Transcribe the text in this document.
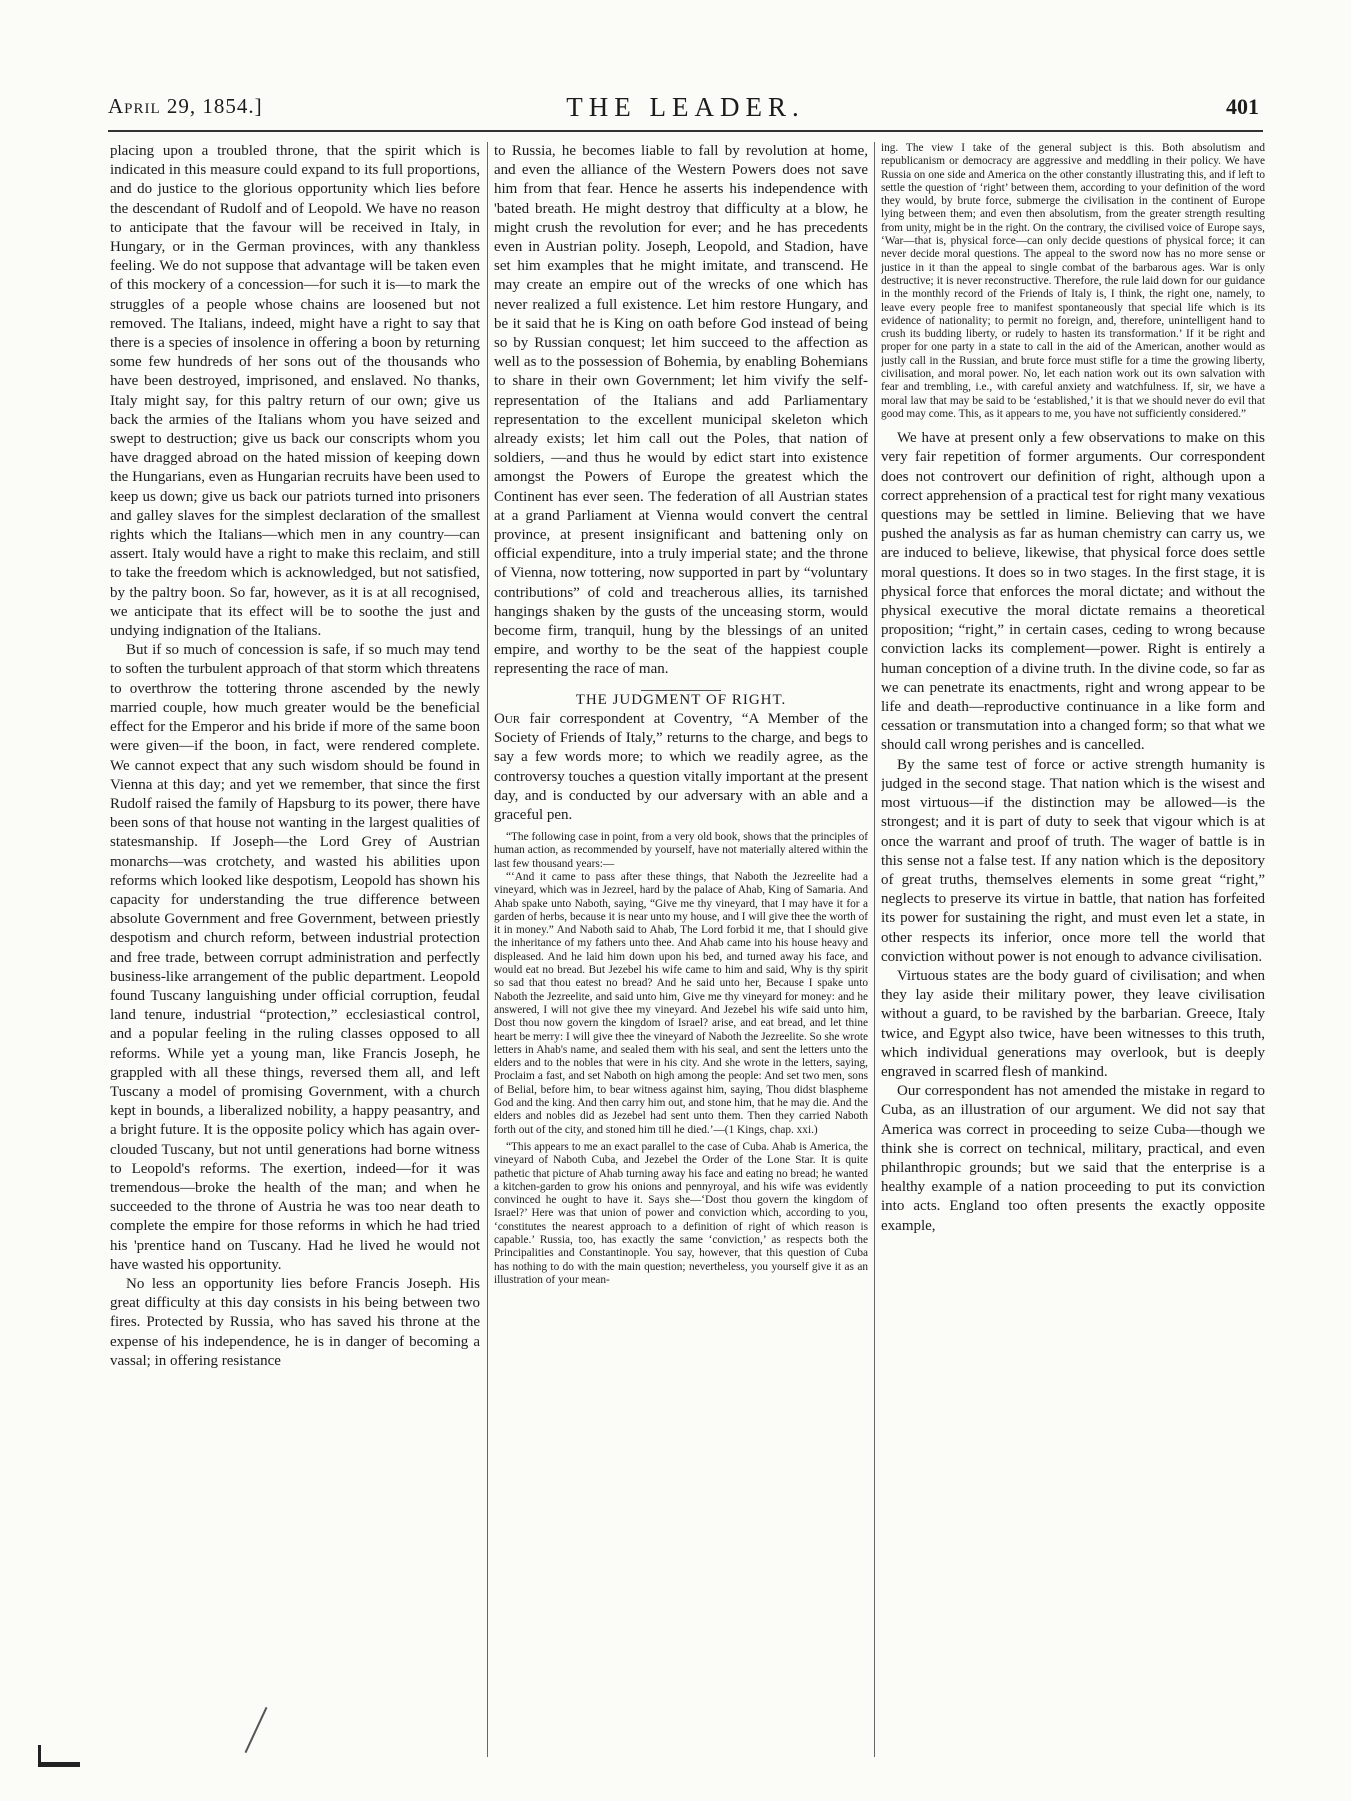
April 29, 1854.]	THE LEADER.	401

placing upon a troubled throne, that the spirit which is indicated in this measure could expand to its full proportions, and do justice to the glorious opportunity which lies before the descendant of Rudolf and of Leopold. We have no reason to anticipate that the favour will be received in Italy, in Hungary, or in the German provinces, with any thankless feeling. We do not suppose that advantage will be taken even of this mockery of a concession—for such it is—to mark the struggles of a people whose chains are loosened but not removed. The Italians, indeed, might have a right to say that there is a species of insolence in offering a boon by returning some few hundreds of her sons out of the thousands who have been destroyed, imprisoned, and enslaved. No thanks, Italy might say, for this paltry return of our own; give us back the armies of the Italians whom you have seized and swept to destruction; give us back our conscripts whom you have dragged abroad on the hated mission of keeping down the Hungarians, even as Hungarian recruits have been used to keep us down; give us back our patriots turned into prisoners and galley slaves for the simplest declaration of the smallest rights which the Italians—which men in any country—can assert. Italy would have a right to make this reclaim, and still to take the freedom which is acknowledged, but not satisfied, by the paltry boon. So far, however, as it is at all recognised, we anticipate that its effect will be to soothe the just and undying indignation of the Italians.

But if so much of concession is safe, if so much may tend to soften the turbulent approach of that storm which threatens to overthrow the tottering throne ascended by the newly married couple, how much greater would be the beneficial effect for the Emperor and his bride if more of the same boon were given—if the boon, in fact, were rendered complete. We cannot expect that any such wisdom should be found in Vienna at this day; and yet we remember, that since the first Rudolf raised the family of Hapsburg to its power, there have been sons of that house not wanting in the largest qualities of statesmanship. If Joseph—the Lord Grey of Austrian monarchs—was crotchety, and wasted his abilities upon reforms which looked like despotism, Leopold has shown his capacity for understanding the true difference between absolute Government and free Government, between priestly despotism and church reform, between industrial protection and free trade, between corrupt administration and perfectly business-like arrangement of the public department. Leopold found Tuscany languishing under official corruption, feudal land tenure, industrial “protection,” ecclesiastical control, and a popular feeling in the ruling classes opposed to all reforms. While yet a young man, like Francis Joseph, he grappled with all these things, reversed them all, and left Tuscany a model of promising Government, with a church kept in bounds, a liberalized nobility, a happy peasantry, and a bright future. It is the opposite policy which has again over-clouded Tuscany, but not until generations had borne witness to Leopold's reforms. The exertion, indeed—for it was tremendous—broke the health of the man; and when he succeeded to the throne of Austria he was too near death to complete the empire for those reforms in which he had tried his 'prentice hand on Tuscany. Had he lived he would not have wasted his opportunity.

No less an opportunity lies before Francis Joseph. His great difficulty at this day consists in his being between two fires. Protected by Russia, who has saved his throne at the expense of his independence, he is in danger of becoming a vassal; in offering resistance

to Russia, he becomes liable to fall by revolution at home, and even the alliance of the Western Powers does not save him from that fear. Hence he asserts his independence with 'bated breath. He might destroy that difficulty at a blow, he might crush the revolution for ever; and he has precedents even in Austrian polity. Joseph, Leopold, and Stadion, have set him examples that he might imitate, and transcend. He may create an empire out of the wrecks of one which has never realized a full existence. Let him restore Hungary, and be it said that he is King on oath before God instead of being so by Russian conquest; let him succeed to the affection as well as to the possession of Bohemia, by enabling Bohemians to share in their own Government; let him vivify the self-representation of the Italians and add Parliamentary representation to the excellent municipal skeleton which already exists; let him call out the Poles, that nation of soldiers, —and thus he would by edict start into existence amongst the Powers of Europe the greatest which the Continent has ever seen. The federation of all Austrian states at a grand Parliament at Vienna would convert the central province, at present insignificant and battening only on official expenditure, into a truly imperial state; and the throne of Vienna, now tottering, now supported in part by “voluntary contributions” of cold and treacherous allies, its tarnished hangings shaken by the gusts of the unceasing storm, would become firm, tranquil, hung by the blessings of an united empire, and worthy to be the seat of the happiest couple representing the race of man.

THE JUDGMENT OF RIGHT.

Our fair correspondent at Coventry, “A Member of the Society of Friends of Italy,” returns to the charge, and begs to say a few words more; to which we readily agree, as the controversy touches a question vitally important at the present day, and is conducted by our adversary with an able and a graceful pen.

“The following case in point, from a very old book, shows that the principles of human action, as recommended by yourself, have not materially altered within the last few thousand years:—

“‘And it came to pass after these things, that Naboth the Jezreelite had a vineyard, which was in Jezreel, hard by the palace of Ahab, King of Samaria. And Ahab spake unto Naboth, saying, “Give me thy vineyard, that I may have it for a garden of herbs, because it is near unto my house, and I will give thee the worth of it in money.” And Naboth said to Ahab, The Lord forbid it me, that I should give the inheritance of my fathers unto thee. And Ahab came into his house heavy and displeased. And he laid him down upon his bed, and turned away his face, and would eat no bread. But Jezebel his wife came to him and said, Why is thy spirit so sad that thou eatest no bread? And he said unto her, Because I spake unto Naboth the Jezreelite, and said unto him, Give me thy vineyard for money: and he answered, I will not give thee my vineyard. And Jezebel his wife said unto him, Dost thou now govern the kingdom of Israel? arise, and eat bread, and let thine heart be merry: I will give thee the vineyard of Naboth the Jezreelite. So she wrote letters in Ahab's name, and sealed them with his seal, and sent the letters unto the elders and to the nobles that were in his city. And she wrote in the letters, saying, Proclaim a fast, and set Naboth on high among the people: And set two men, sons of Belial, before him, to bear witness against him, saying, Thou didst blaspheme God and the king. And then carry him out, and stone him, that he may die. And the elders and nobles did as Jezebel had sent unto them. Then they carried Naboth forth out of the city, and stoned him till he died.’—(1 Kings, chap. xxi.)

“This appears to me an exact parallel to the case of Cuba. Ahab is America, the vineyard of Naboth Cuba, and Jezebel the Order of the Lone Star. It is quite pathetic that picture of Ahab turning away his face and eating no bread; he wanted a kitchen-garden to grow his onions and pennyroyal, and his wife was evidently convinced he ought to have it. Says she—‘Dost thou govern the kingdom of Israel?’ Here was that union of power and conviction which, according to you, ‘constitutes the nearest approach to a definition of right of which reason is capable.’ Russia, too, has exactly the same ‘conviction,’ as respects both the Principalities and Constantinople. You say, however, that this question of Cuba has nothing to do with the main question; nevertheless, you yourself give it as an illustration of your mean-

ing. The view I take of the general subject is this. Both absolutism and republicanism or democracy are aggressive and meddling in their policy. We have Russia on one side and America on the other constantly illustrating this, and if left to settle the question of ‘right’ between them, according to your definition of the word they would, by brute force, submerge the civilisation in the continent of Europe lying between them; and even then absolutism, from the greater strength resulting from unity, might be in the right. On the contrary, the civilised voice of Europe says, ‘War—that is, physical force—can only decide questions of physical force; it can never decide moral questions. The appeal to the sword now has no more sense or justice in it than the appeal to single combat of the barbarous ages. War is only destructive; it is never reconstructive. Therefore, the rule laid down for our guidance in the monthly record of the Friends of Italy is, I think, the right one, namely, to leave every people free to manifest spontaneously that special life which is its evidence of nationality; to permit no foreign, and, therefore, unintelligent hand to crush its budding liberty, or rudely to hasten its transformation.’ If it be right and proper for one party in a state to call in the aid of the American, another would as justly call in the Russian, and brute force must stifle for a time the growing liberty, civilisation, and moral power. No, let each nation work out its own salvation with fear and trembling, i.e., with careful anxiety and watchfulness. If, sir, we have a moral law that may be said to be ‘established,’ it is that we should never do evil that good may come. This, as it appears to me, you have not sufficiently considered.”

We have at present only a few observations to make on this very fair repetition of former arguments. Our correspondent does not controvert our definition of right, although upon a correct apprehension of a practical test for right many vexatious questions may be settled in limine. Believing that we have pushed the analysis as far as human chemistry can carry us, we are induced to believe, likewise, that physical force does settle moral questions. It does so in two stages. In the first stage, it is physical force that enforces the moral dictate; and without the physical executive the moral dictate remains a theoretical proposition; “right,” in certain cases, ceding to wrong because conviction lacks its complement—power. Right is entirely a human conception of a divine truth. In the divine code, so far as we can penetrate its enactments, right and wrong appear to be life and death—reproductive continuance in a like form and cessation or transmutation into a changed form; so that what we should call wrong perishes and is cancelled.

By the same test of force or active strength humanity is judged in the second stage. That nation which is the wisest and most virtuous—if the distinction may be allowed—is the strongest; and it is part of duty to seek that vigour which is at once the warrant and proof of truth. The wager of battle is in this sense not a false test. If any nation which is the depository of great truths, themselves elements in some great “right,” neglects to preserve its virtue in battle, that nation has forfeited its power for sustaining the right, and must even let a state, in other respects its inferior, once more tell the world that conviction without power is not enough to advance civilisation.

Virtuous states are the body guard of civilisation; and when they lay aside their military power, they leave civilisation without a guard, to be ravished by the barbarian. Greece, Italy twice, and Egypt also twice, have been witnesses to this truth, which individual generations may overlook, but is deeply engraved in scarred flesh of mankind.

Our correspondent has not amended the mistake in regard to Cuba, as an illustration of our argument. We did not say that America was correct in proceeding to seize Cuba—though we think she is correct on technical, military, practical, and even philanthropic grounds; but we said that the enterprise is a healthy example of a nation proceeding to put its conviction into acts. England too often presents the exactly opposite example,
